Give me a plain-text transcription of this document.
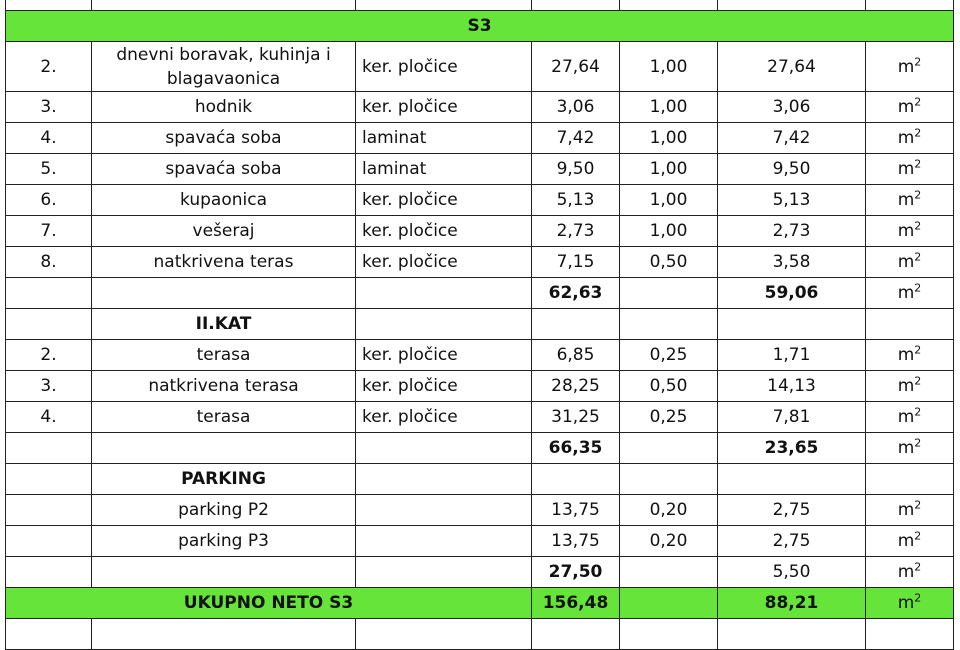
S3						
2.	dnevni boravak, kuhinja i blagavaonica	ker. pločice	27,64	1,00	27,64	$m^2$
3.	hodnik	ker. pločice	3,06	1,00	3,06	$m^2$
4.	spavaća soba	laminat	7,42	1,00	7,42	$m^2$
5.	spavaća soba	laminat	9,50	1,00	9,50	$m^2$
6.	kupaonica	ker. pločice	5,13	1,00	5,13	$m^2$
7.	vešeraj	ker. pločice	2,73	1,00	2,73	$m^2$
8.	natkrivena teras	ker. pločice	7,15	0,50	3,58	$m^2$
			62,63		59,06	$m^2$
	II.KAT					
2.	terasa	ker. pločice	6,85	0,25	1,71	$m^2$
3.	natkrivena terasa	ker. pločice	28,25	0,50	14,13	$m^2$
4.	terasa	ker. pločice	31,25	0,25	7,81	$m^2$
			66,35		23,65	$m^2$
	PARKING					
	parking P2		13,75	0,20	2,75	$m^2$
	parking P3		13,75	0,20	2,75	$m^2$
			27,50		5,50	$m^2$
UKUPNO NETO S3			156,48		88,21	$m^2$
